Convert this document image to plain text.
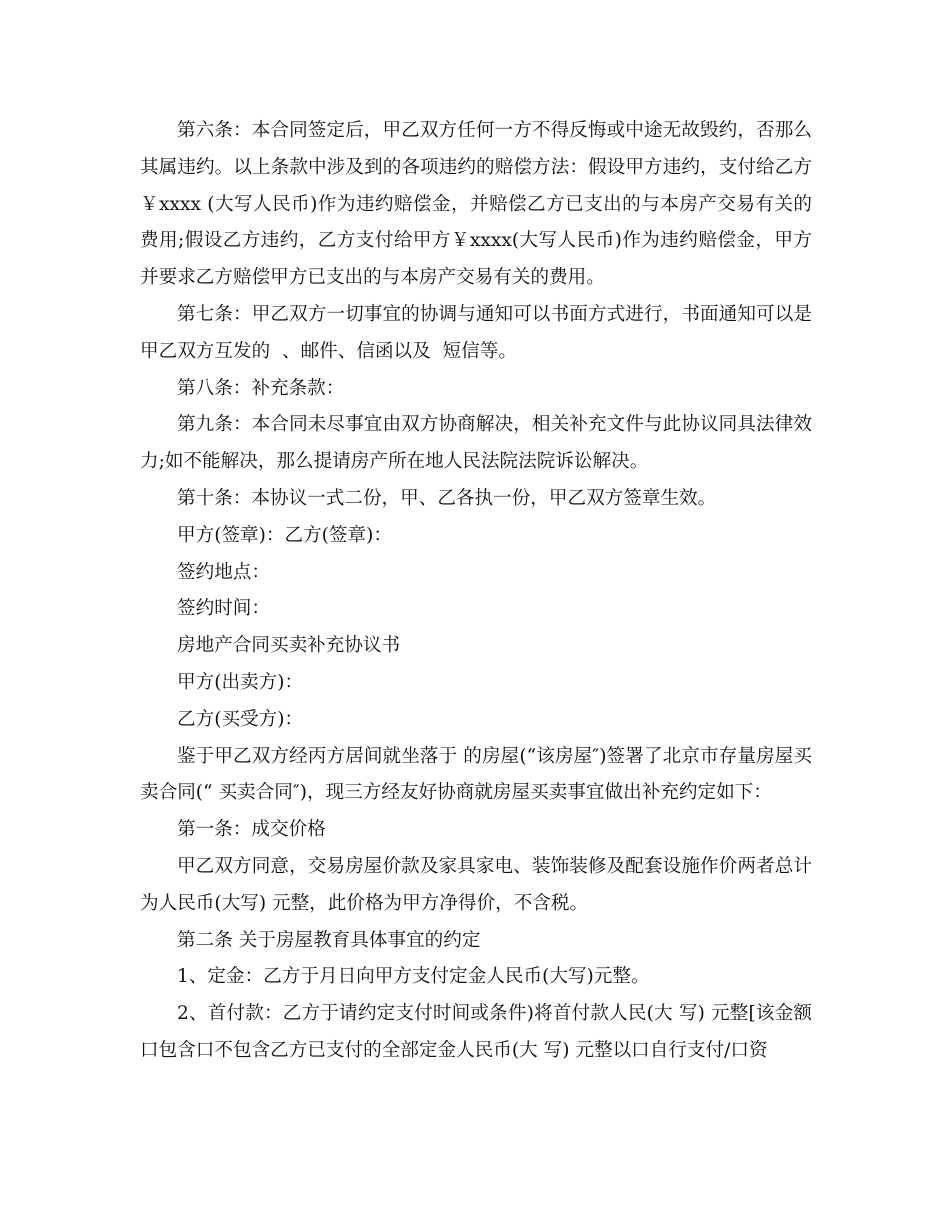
第六条：本合同签定后，甲乙双方任何一方不得反悔或中途无故毁约，否那么其属违约。以上条款中涉及到的各项违约的赔偿方法：假设甲方违约，支付给乙方￥xxxx (大写人民币)作为违约赔偿金，并赔偿乙方已支出的与本房产交易有关的费用;假设乙方违约，乙方支付给甲方￥xxxx(大写人民币)作为违约赔偿金，甲方并要求乙方赔偿甲方已支出的与本房产交易有关的费用。

第七条：甲乙双方一切事宜的协调与通知可以书面方式进行，书面通知可以是甲乙双方互发的  、邮件、信函以及  短信等。

第八条：补充条款：

第九条：本合同未尽事宜由双方协商解决，相关补充文件与此协议同具法律效力;如不能解决，那么提请房产所在地人民法院法院诉讼解决。

第十条：本协议一式二份，甲、乙各执一份，甲乙双方签章生效。

甲方(签章)：乙方(签章)：

签约地点：

签约时间：

房地产合同买卖补充协议书

甲方(出卖方)：

乙方(买受方)：

鉴于甲乙双方经丙方居间就坐落于 的房屋(“该房屋″)签署了北京市存量房屋买卖合同(“ 买卖合同″)，现三方经友好协商就房屋买卖事宜做出补充约定如下：

第一条：成交价格

甲乙双方同意，交易房屋价款及家具家电、装饰装修及配套设施作价两者总计为人民币(大写) 元整，此价格为甲方净得价，不含税。

第二条 关于房屋教育具体事宜的约定

1、定金：乙方于月日向甲方支付定金人民币(大写)元整。

2、首付款：乙方于请约定支付时间或条件)将首付款人民(大 写) 元整[该金额口包含口不包含乙方已支付的全部定金人民币(大 写) 元整以口自行支付/口资
